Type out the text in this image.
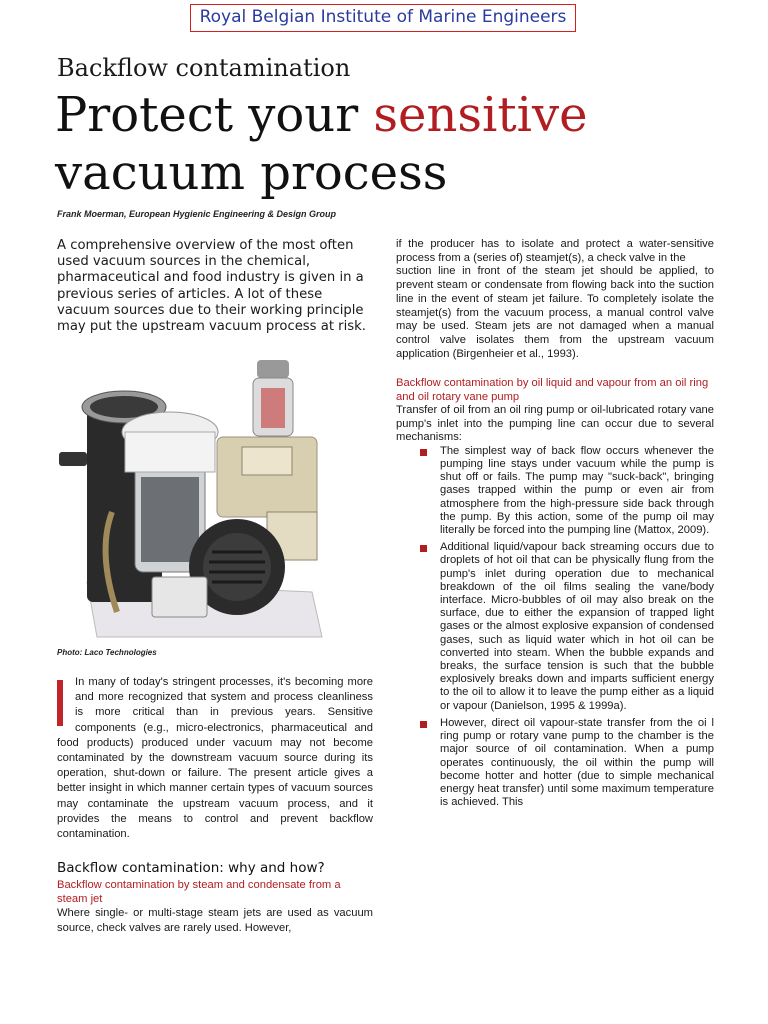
Royal Belgian Institute of Marine Engineers
Backflow contamination
Protect your sensitive
vacuum process
Frank Moerman, European Hygienic Engineering & Design Group
A comprehensive overview of the most often used vacuum sources in the chemical, pharmaceutical and food industry is given in a previous series of articles. A lot of these vacuum sources due to their working principle may put the upstream vacuum process at risk.
Photo: Laco Technologies

In many of today's stringent processes, it's becoming more and more recognized that system and process cleanliness is more critical than in previous years. Sensitive components (e.g., micro-electronics, pharmaceutical and food products) produced under vacuum may not become contaminated by the downstream vacuum source during its operation, shut-down or failure. The present article gives a better insight in which manner certain types of vacuum sources may contaminate the upstream vacuum process, and it provides the means to control and prevent backflow contamination.

Backflow contamination: why and how?
Backflow contamination by steam and condensate from a steam jet

Where single- or multi-stage steam jets are used as vacuum source, check valves are rarely used. However,

if the producer has to isolate and protect a water-sensitive process from a (series of) steamjet(s), a check valve in the

suction line in front of the steam jet should be applied, to prevent steam or condensate from flowing back into the suction line in the event of steam jet failure. To completely isolate the steamjet(s) from the vacuum process, a manual control valve may be used. Steam jets are not damaged when a manual control valve isolates them from the upstream vacuum application (Birgenheier et al., 1993).

Backflow contamination by oil liquid and vapour from an oil ring and oil rotary vane pump

Transfer of oil from an oil ring pump or oil-lubricated rotary vane pump's inlet into the pumping line can occur due to several mechanisms:

The simplest way of back flow occurs whenever the pumping line stays under vacuum while the pump is shut off or fails. The pump may "suck-back", bringing gases trapped within the pump or even air from atmosphere from the high-pressure side back through the pump. By this action, some of the pump oil may literally be forced into the pumping line (Mattox, 2009).
Additional liquid/vapour back streaming occurs due to droplets of hot oil that can be physically flung from the pump's inlet during operation due to mechanical breakdown of the oil films sealing the vane/body interface. Micro-bubbles of oil may also break on the surface, due to either the expansion of trapped light gases or the almost explosive expansion of condensed gases, such as liquid water which in hot oil can be converted into steam. When the bubble expands and breaks, the surface tension is such that the bubble explosively breaks down and imparts sufficient energy to the oil to allow it to leave the pump either as a liquid or vapour (Danielson, 1995 & 1999a).
However, direct oil vapour-state transfer from the oi l ring pump or rotary vane pump to the chamber is the major source of oil contamination. When a pump operates continuously, the oil within the pump will become hotter and hotter (due to simple mechanical energy heat transfer) until some maximum temperature is achieved. This
